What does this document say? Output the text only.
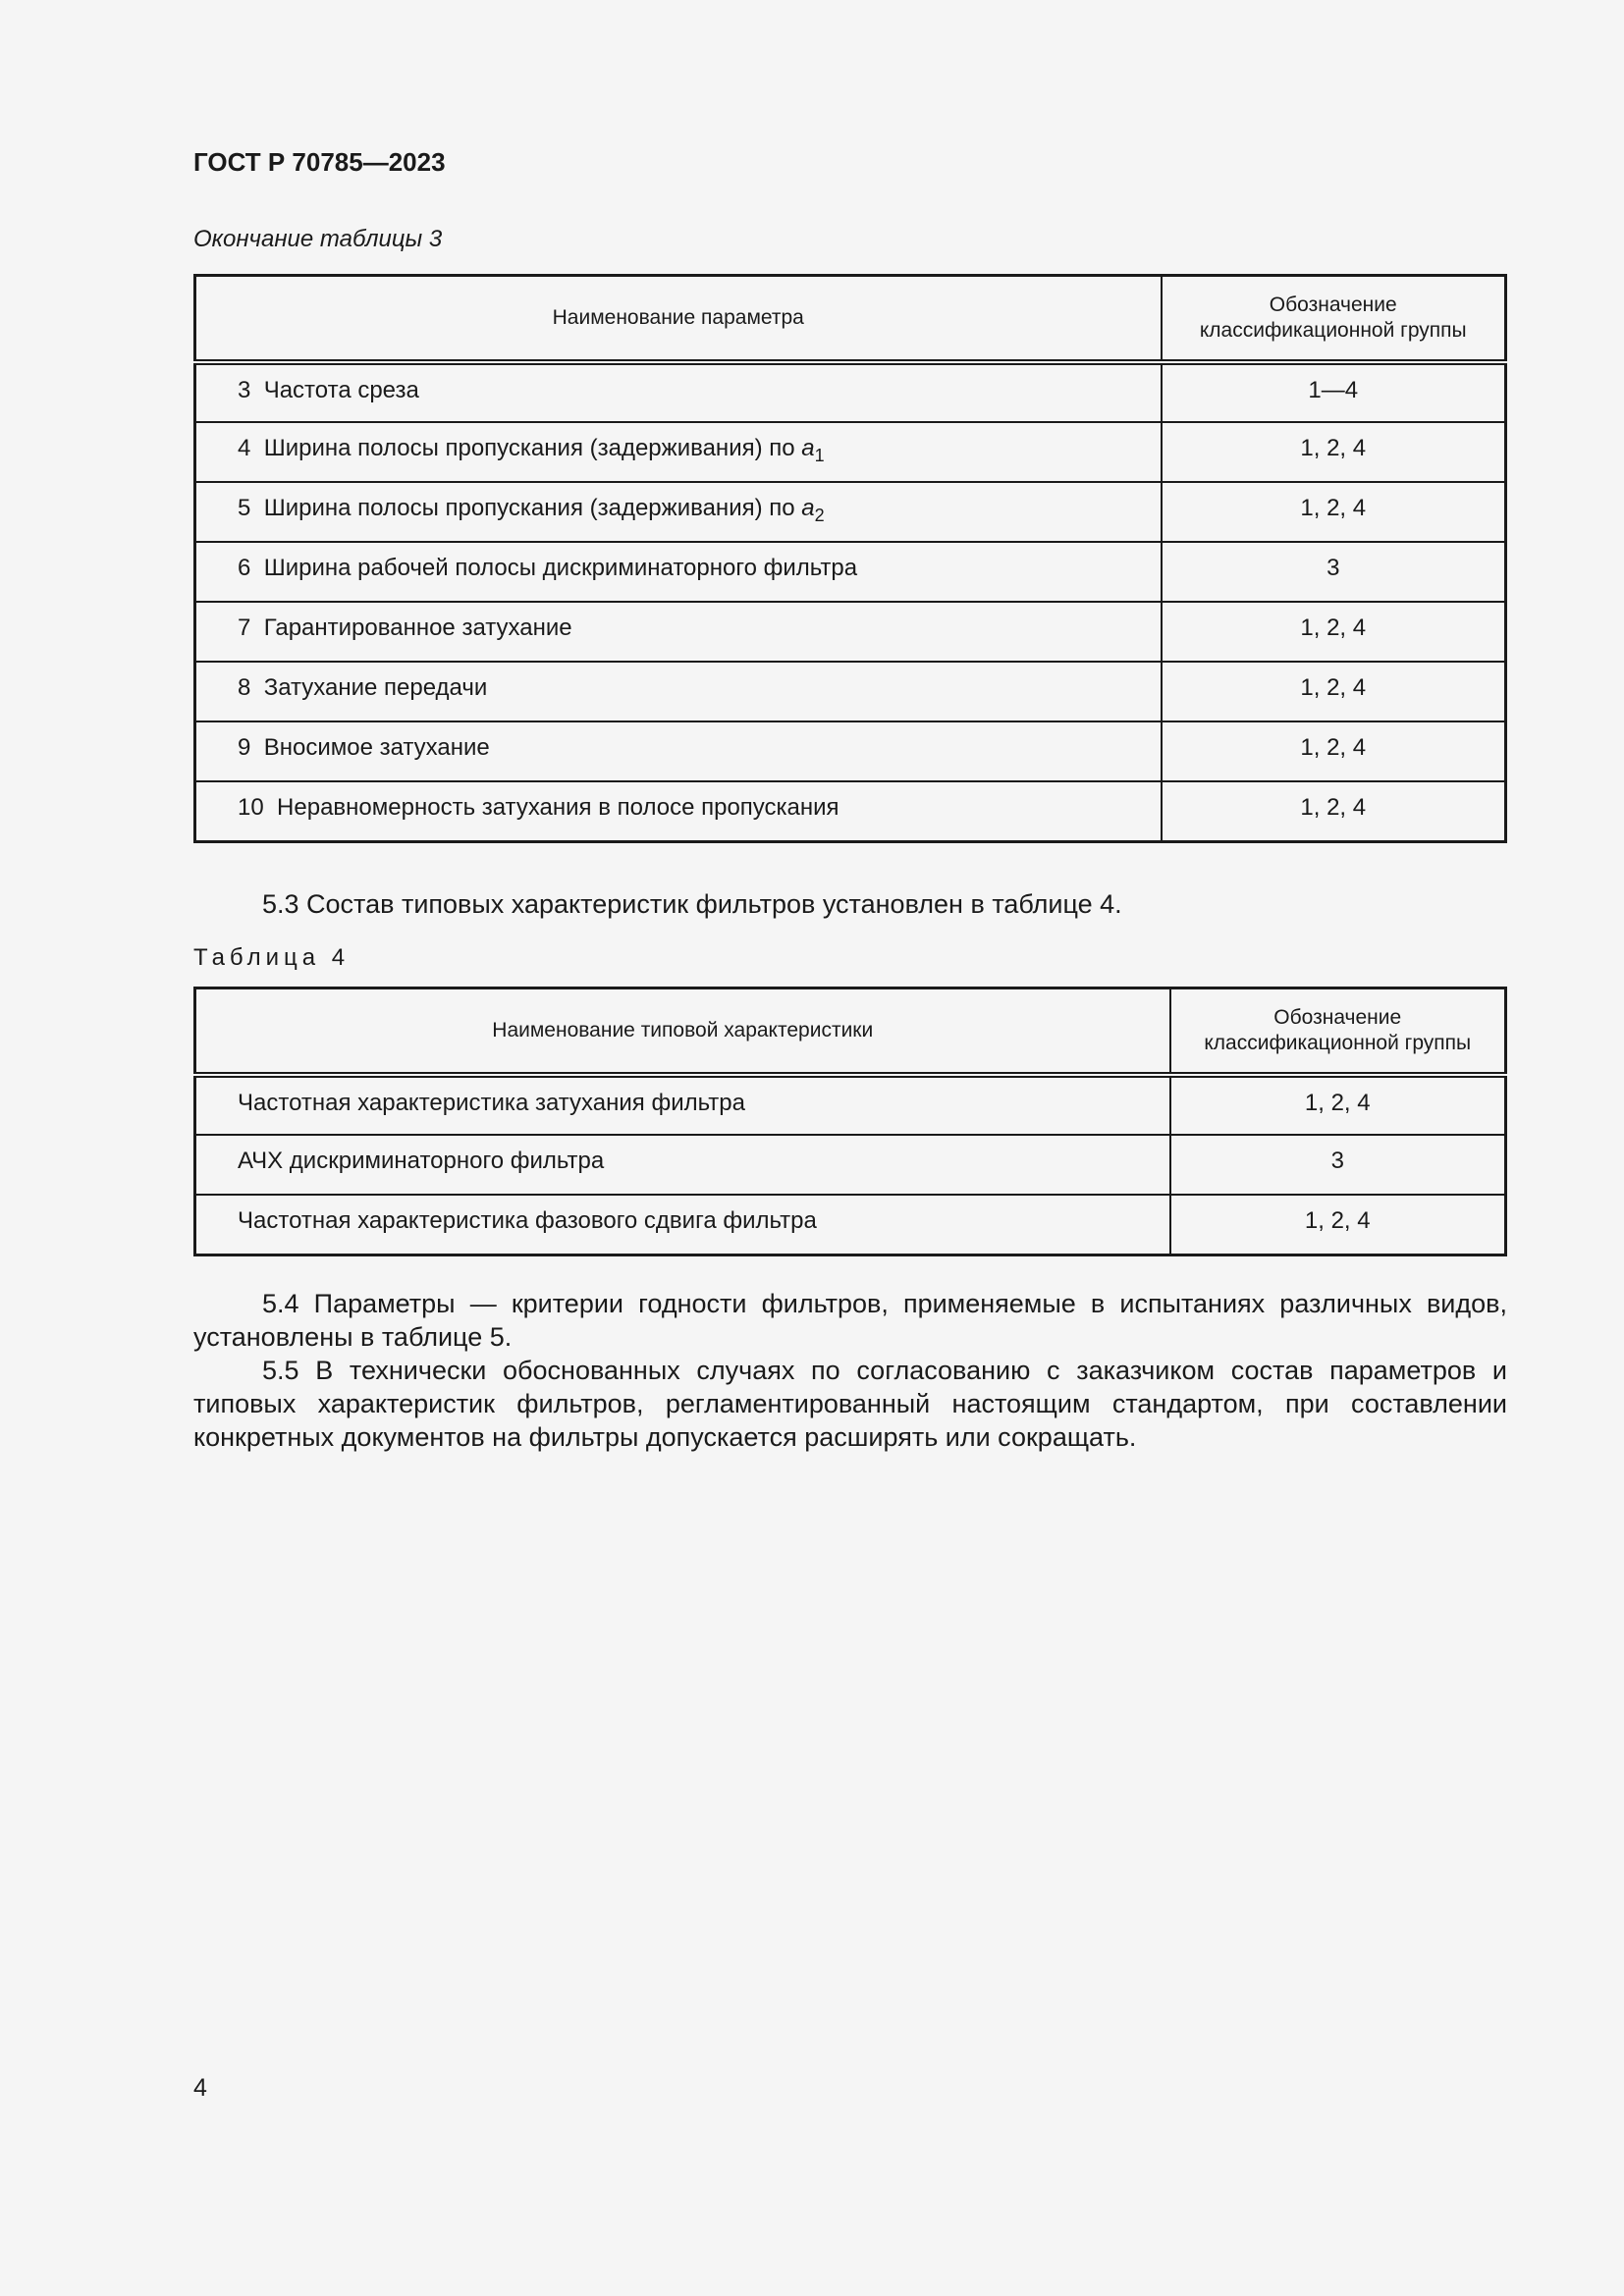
ГОСТ Р 70785—2023
Окончание таблицы 3
Наименование параметра	Обозначение классификационной группы
3 Частота среза	1—4
4 Ширина полосы пропускания (задерживания) по $a_1$	1, 2, 4
5 Ширина полосы пропускания (задерживания) по $a_2$	1, 2, 4
6 Ширина рабочей полосы дискриминаторного фильтра	3
7 Гарантированное затухание	1, 2, 4
8 Затухание передачи	1, 2, 4
9 Вносимое затухание	1, 2, 4
10 Неравномерность затухания в полосе пропускания	1, 2, 4
5.3 Состав типовых характеристик фильтров установлен в таблице 4.
Таблица 4
Наименование типовой характеристики	Обозначение классификационной группы
Частотная характеристика затухания фильтра	1, 2, 4
АЧХ дискриминаторного фильтра	3
Частотная характеристика фазового сдвига фильтра	1, 2, 4
5.4 Параметры — критерии годности фильтров, применяемые в испытаниях различных видов, установлены в таблице 5.
5.5 В технически обоснованных случаях по согласованию с заказчиком состав параметров и типовых характеристик фильтров, регламентированный настоящим стандартом, при составлении конкретных документов на фильтры допускается расширять или сокращать.
4
